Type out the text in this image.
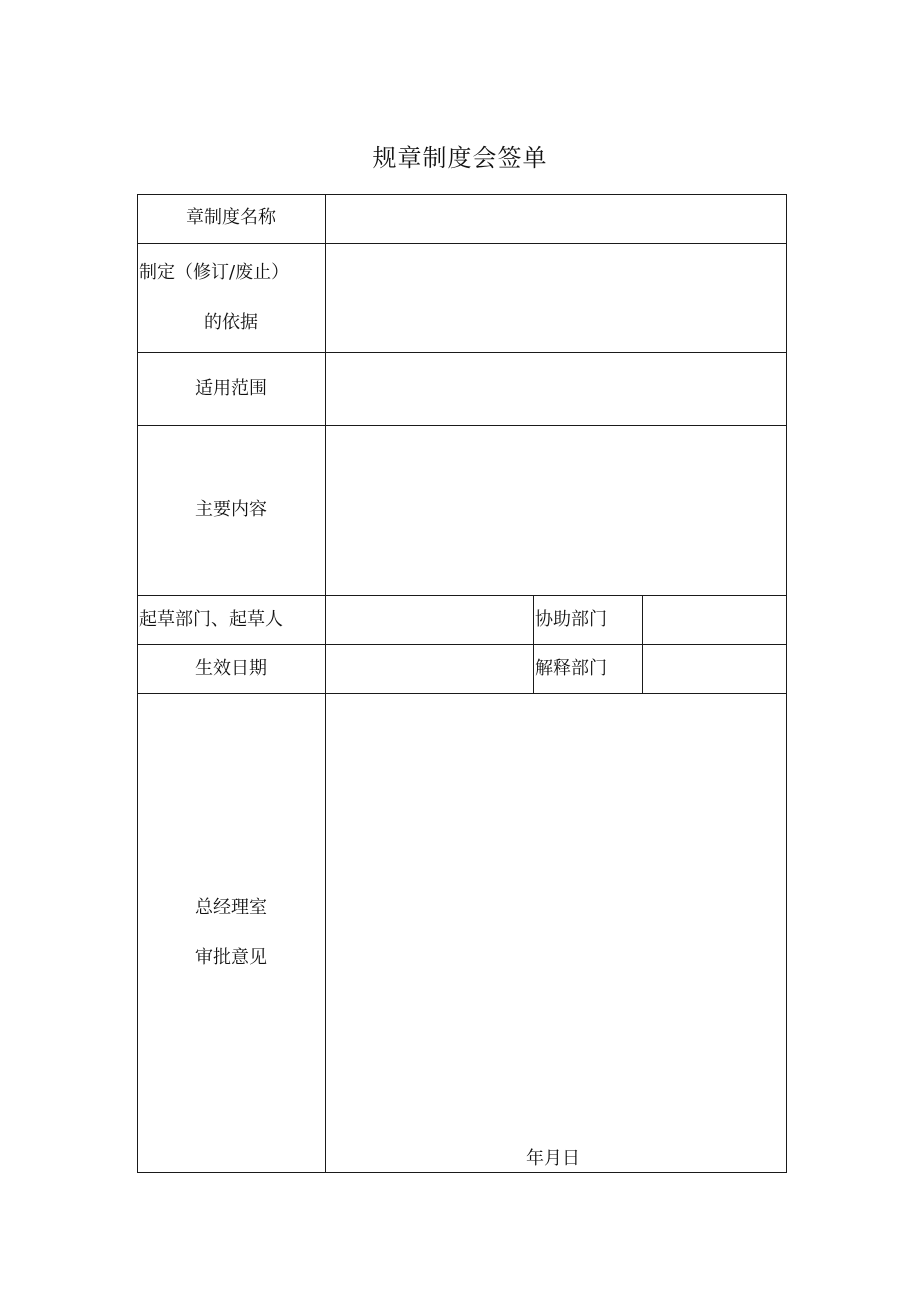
规章制度会签单
章制度名称
制定（修订/废止）
的依据
适用范围
主要内容
起草部门、起草人	协助部门
生效日期	解释部门
总经理室
审批意见
年月日
